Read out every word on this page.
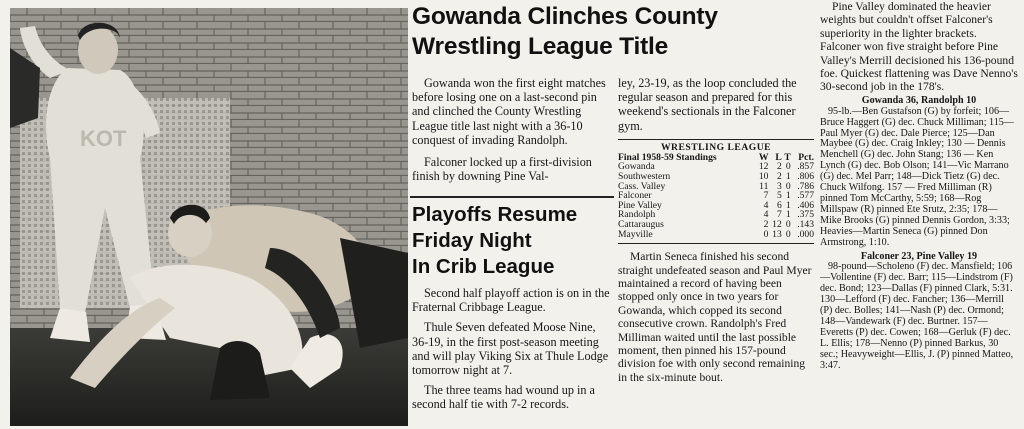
KOT
Gowanda Clinches County
Wrestling League Title

Gowanda won the first eight matches before losing one on a last-second pin and clinched the County Wrestling League title last night with a 36-10 conquest of invading Randolph.

Falconer locked up a first-division finish by downing Pine Val-

Playoffs Resume
Friday Night
In Crib League

Second half playoff action is on in the Fraternal Cribbage League.

Thule Seven defeated Moose Nine, 36-19, in the first post-season meeting and will play Viking Six at Thule Lodge tomorrow night at 7.

The three teams had wound up in a second half tie with 7-2 records.

ley, 23-19, as the loop concluded the regular season and prepared for this weekend's sectionals in the Falconer gym.

WRESTLING LEAGUE
Final 1958-59 Standings	W	L	T	Pct.
Gowanda	12	2	0	.857
Southwestern	10	2	1	.806
Cass. Valley	11	3	0	.786
Falconer	7	5	1	.577
Pine Valley	4	6	1	.406
Randolph	4	7	1	.375
Cattaraugus	2	12	0	.143
Mayville	0	13	0	.000

Martin Seneca finished his second straight undefeated season and Paul Myer maintained a record of having been stopped only once in two years for Gowanda, which copped its second consecutive crown. Randolph's Fred Milliman waited until the last possible moment, then pinned his 157-pound division foe with only second remaining in the six-minute bout.

Pine Valley dominated the heavier weights but couldn't offset Falconer's superiority in the lighter brackets. Falconer won five straight before Pine Valley's Merrill decisioned his 136-pound foe. Quickest flattening was Dave Nenno's 30-second job in the 178's.

Gowanda 36, Randolph 10

95-lb.—Ben Gustafson (G) by forfeit; 106—Bruce Haggert (G) dec. Chuck Milliman; 115—Paul Myer (G) dec. Dale Pierce; 125—Dan Maybee (G) dec. Craig Inkley; 130 — Dennis Menchell (G) dec. John Stang; 136 — Ken Lynch (G) dec. Bob Olson; 141—Vic Marrano (G) dec. Mel Parr; 148—Dick Tietz (G) dec. Chuck Wilfong. 157 — Fred Milliman (R) pinned Tom McCarthy, 5:59; 168—Rog Millspaw (R) pinned Ete Srutz, 2:35; 178—Mike Brooks (G) pinned Dennis Gordon, 3:33; Heavies—Martin Seneca (G) pinned Don Armstrong, 1:10.

Falconer 23, Pine Valley 19

98-pound—Scholeno (F) dec. Mansfield; 106—Vollentine (F) dec. Barr; 115—Lindstrom (F) dec. Bond; 123—Dallas (F) pinned Clark, 5:31. 130—Lefford (F) dec. Fancher; 136—Merrill (P) dec. Bolles; 141—Nash (P) dec. Ormond; 148—Vandewark (F) dec. Burtner. 157—Everetts (P) dec. Cowen; 168—Gerluk (F) dec. L. Ellis; 178—Nenno (P) pinned Barkus, 30 sec.; Heavyweight—Ellis, J. (P) pinned Matteo, 3:47.
